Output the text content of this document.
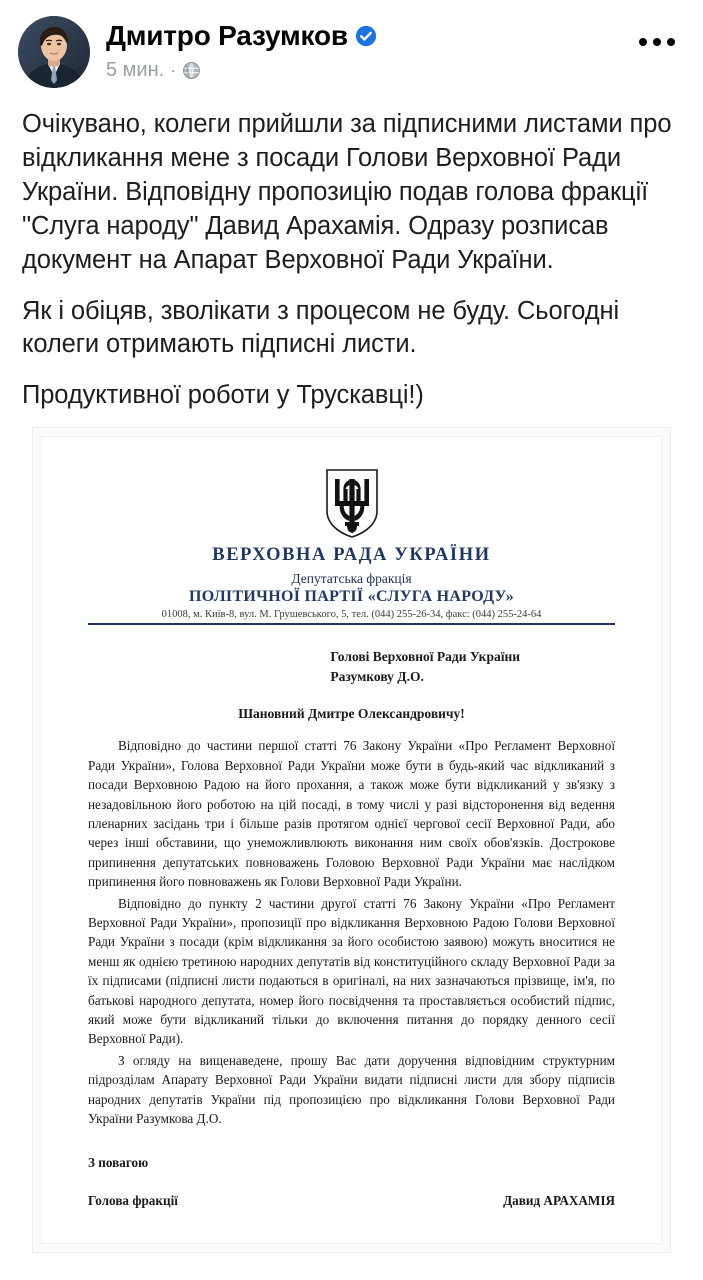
Дмитро Разумков
5 мин. ·

Очікувано, колеги прийшли за підписними листами про відкликання мене з посади Голови Верховної Ради України. Відповідну пропозицію подав голова фракції "Слуга народу" Давид Арахамія. Одразу розписав документ на Апарат Верховної Ради України.

Як і обіцяв, зволікати з процесом не буду. Сьогодні колеги отримають підписні листи.

Продуктивної роботи у Трускавці!)

ВЕРХОВНА РАДА УКРАЇНИ
Депутатська фракція
ПОЛІТИЧНОЇ ПАРТІЇ «СЛУГА НАРОДУ»
01008, м. Київ-8, вул. М. Грушевського, 5, тел. (044) 255-26-34, факс: (044) 255-24-64
Голові Верховної Ради України
Разумкову Д.О.
Шановний Дмитре Олександровичу!

Відповідно до частини першої статті 76 Закону України «Про Регламент Верховної Ради України», Голова Верховної Ради України може бути в будь-який час відкликаний з посади Верховною Радою на його прохання, а також може бути відкликаний у зв'язку з незадовільною його роботою на цій посаді, в тому числі у разі відсторонення від ведення пленарних засідань три і більше разів протягом однієї чергової сесії Верховної Ради, або через інші обставини, що унеможливлюють виконання ним своїх обов'язків. Дострокове припинення депутатських повноважень Головою Верховної Ради України має наслідком припинення його повноважень як Голови Верховної Ради України.

Відповідно до пункту 2 частини другої статті 76 Закону України «Про Регламент Верховної Ради України», пропозиції про відкликання Верховною Радою Голови Верховної Ради України з посади (крім відкликання за його особистою заявою) можуть вноситися не менш як однією третиною народних депутатів від конституційного складу Верховної Ради за їх підписами (підписні листи подаються в оригіналі, на них зазначаються прізвище, ім'я, по батькові народного депутата, номер його посвідчення та проставляється особистий підпис, який може бути відкликаний тільки до включення питання до порядку денного сесії Верховної Ради).

З огляду на вищенаведене, прошу Вас дати доручення відповідним структурним підрозділам Апарату Верховної Ради України видати підписні листи для збору підписів народних депутатів України під пропозицією про відкликання Голови Верховної Ради України Разумкова Д.О.

З повагою
Голова фракції	Давид АРАХАМІЯ
